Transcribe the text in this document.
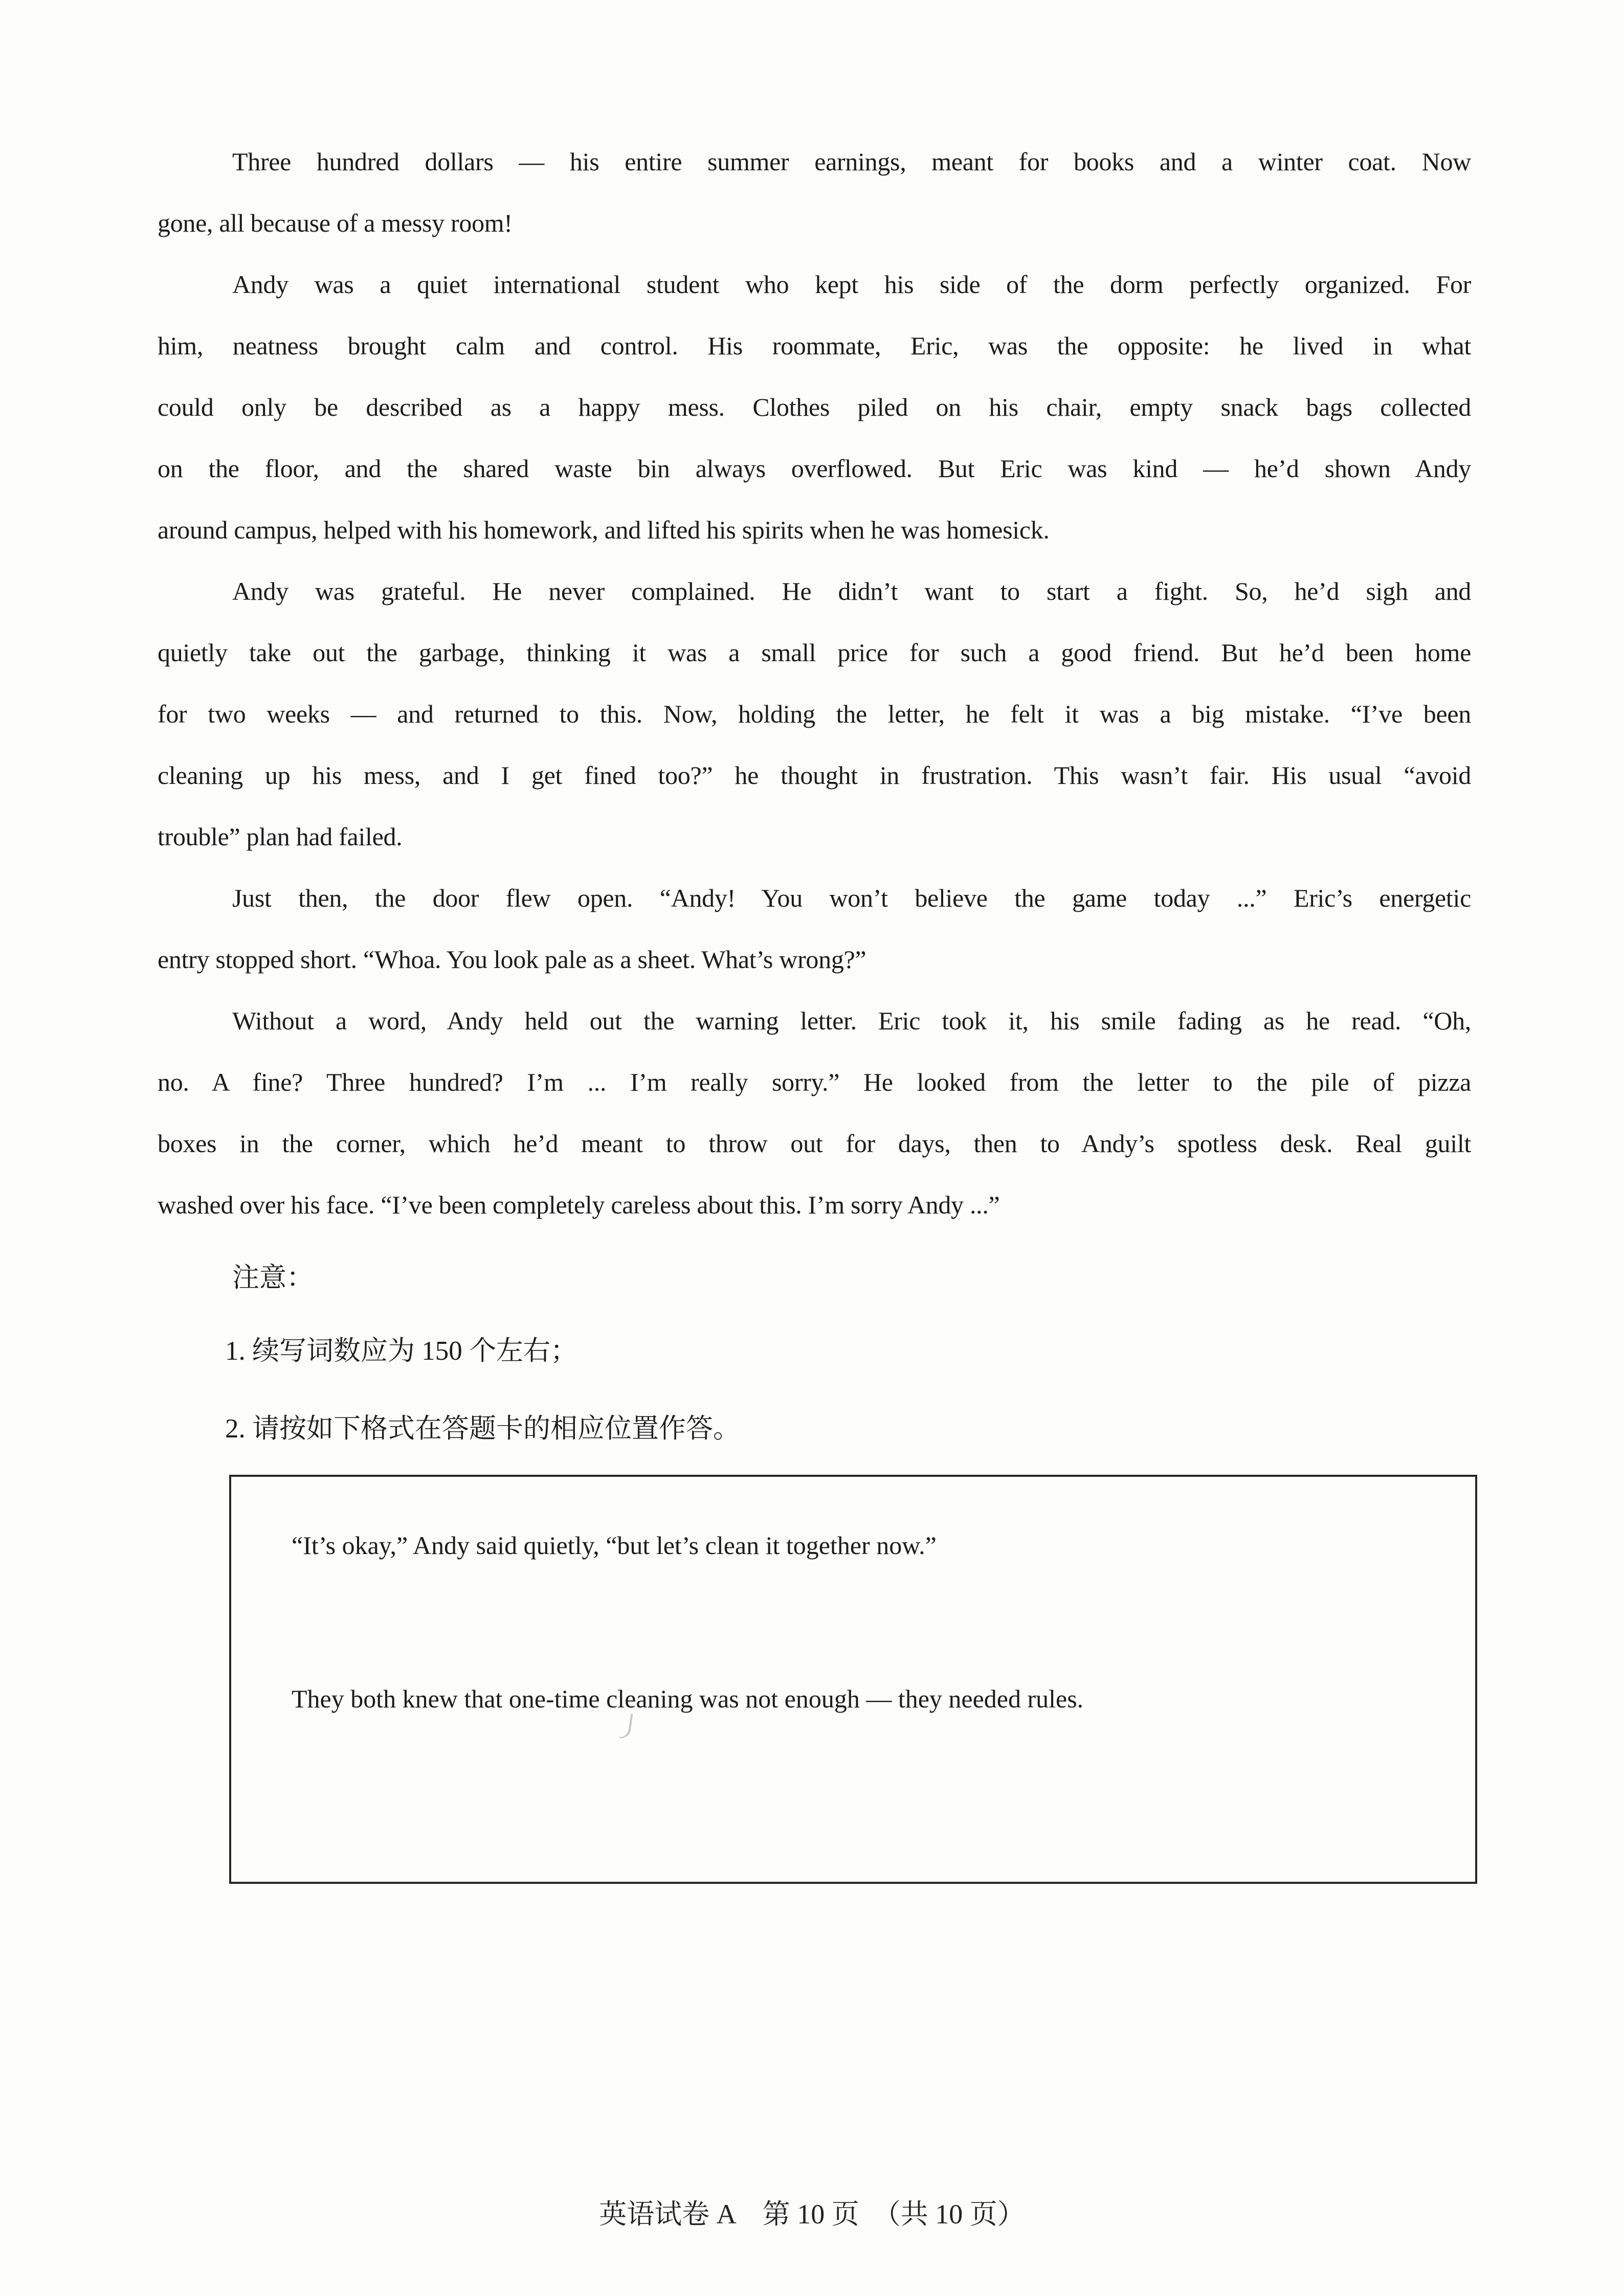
Three hundred dollars — his entire summer earnings, meant for books and a winter coat. Now
gone, all because of a messy room!
Andy was a quiet international student who kept his side of the dorm perfectly organized. For
him, neatness brought calm and control. His roommate, Eric, was the opposite: he lived in what
could only be described as a happy mess. Clothes piled on his chair, empty snack bags collected
on the floor, and the shared waste bin always overflowed. But Eric was kind — he’d shown Andy
around campus, helped with his homework, and lifted his spirits when he was homesick.
Andy was grateful. He never complained. He didn’t want to start a fight. So, he’d sigh and
quietly take out the garbage, thinking it was a small price for such a good friend. But he’d been home
for two weeks — and returned to this. Now, holding the letter, he felt it was a big mistake. “I’ve been
cleaning up his mess, and I get fined too?” he thought in frustration. This wasn’t fair. His usual “avoid
trouble” plan had failed.
Just then, the door flew open. “Andy! You won’t believe the game today ...” Eric’s energetic
entry stopped short. “Whoa. You look pale as a sheet. What’s wrong?”
Without a word, Andy held out the warning letter. Eric took it, his smile fading as he read. “Oh,
no. A fine? Three hundred? I’m ... I’m really sorry.” He looked from the letter to the pile of pizza
boxes in the corner, which he’d meant to throw out for days, then to Andy’s spotless desk. Real guilt
washed over his face. “I’ve been completely careless about this. I’m sorry Andy ...”
注意：
1. 续写词数应为 150 个左右；
2. 请按如下格式在答题卡的相应位置作答。
“It’s okay,” Andy said quietly, “but let’s clean it together now.”
They both knew that one-time cleaning was not enough — they needed rules.
英语试卷 A　第 10 页　（共 10 页）
